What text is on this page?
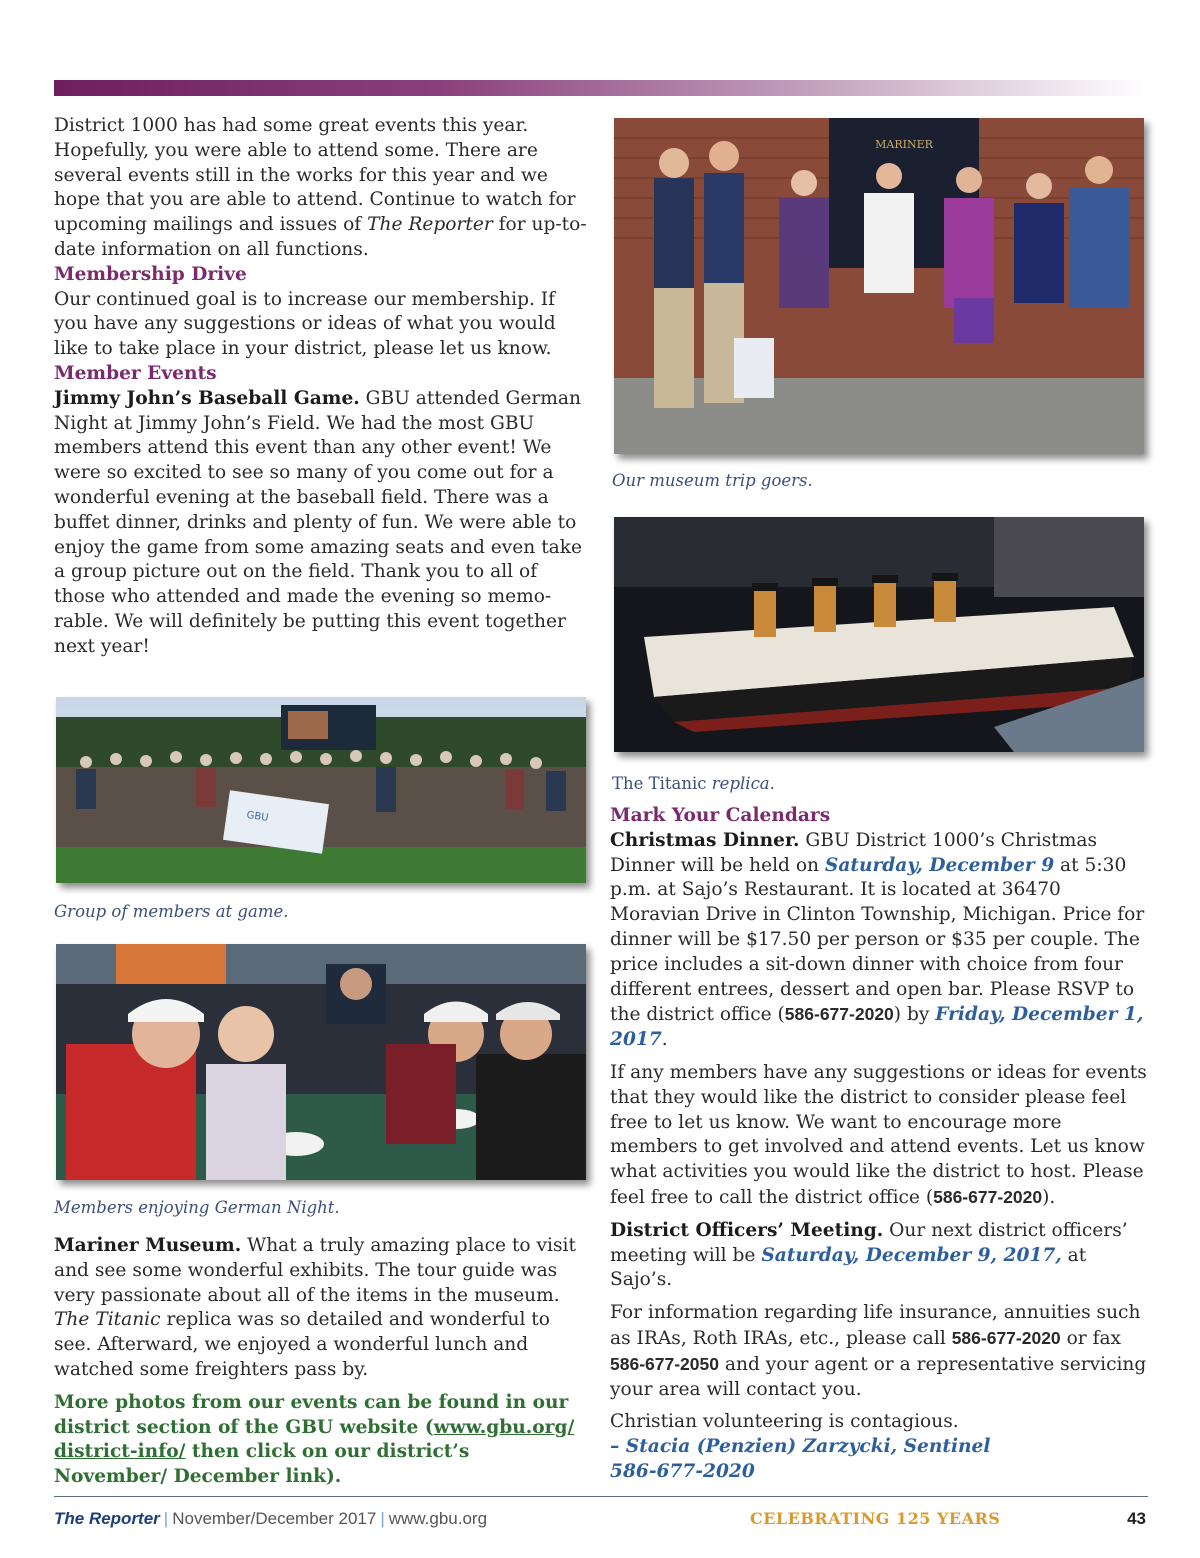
District 1000 has had some great events this year. Hopefully, you were able to attend some. There are several events still in the works for this year and we hope that you are able to attend. Continue to watch for upcoming mailings and issues of The Reporter for up-to-date information on all functions.

Membership Drive

Our continued goal is to increase our membership. If you have any suggestions or ideas of what you would like to take place in your district, please let us know.

Member Events

Jimmy John’s Baseball Game. GBU attended German Night at Jimmy John’s Field. We had the most GBU members attend this event than any other event! We were so excited to see so many of you come out for a wonderful evening at the baseball field. There was a buffet dinner, drinks and plenty of fun. We were able to enjoy the game from some amazing seats and even take a group picture out on the field. Thank you to all of those who attended and made the evening so memo-rable. We will definitely be putting this event together next year!

GBU
Group of members at game.
Members enjoying German Night.

Mariner Museum. What a truly amazing place to visit and see some wonderful exhibits. The tour guide was very passionate about all of the items in the museum. The Titanic replica was so detailed and wonderful to see. Afterward, we enjoyed a wonderful lunch and watched some freighters pass by.

More photos from our events can be found in our district section of the GBU website (www.gbu.org/ district-info/ then click on our district’s November/ December link).

MARINER
Our museum trip goers.
The Titanic replica.

Mark Your Calendars

Christmas Dinner. GBU District 1000’s Christmas Dinner will be held on Saturday, December 9 at 5:30 p.m. at Sajo’s Restaurant. It is located at 36470 Moravian Drive in Clinton Township, Michigan. Price for dinner will be $17.50 per person or $35 per couple. The price includes a sit-down dinner with choice from four different entrees, dessert and open bar. Please RSVP to the district office (586-677-2020) by Friday, December 1, 2017.

If any members have any suggestions or ideas for events that they would like the district to consider please feel free to let us know. We want to encourage more members to get involved and attend events. Let us know what activities you would like the district to host. Please feel free to call the district office (586-677-2020).

District Officers’ Meeting. Our next district officers’ meeting will be Saturday, December 9, 2017, at Sajo’s.

For information regarding life insurance, annuities such as IRAs, Roth IRAs, etc., please call 586-677-2020 or fax 586-677-2050 and your agent or a representative servicing your area will contact you.

Christian volunteering is contagious.

– Stacia (Penzien) Zarzycki, Sentinel

586-677-2020

The Reporter | November/December 2017 | www.gbu.org	CELEBRATING 125 YEARS	43
